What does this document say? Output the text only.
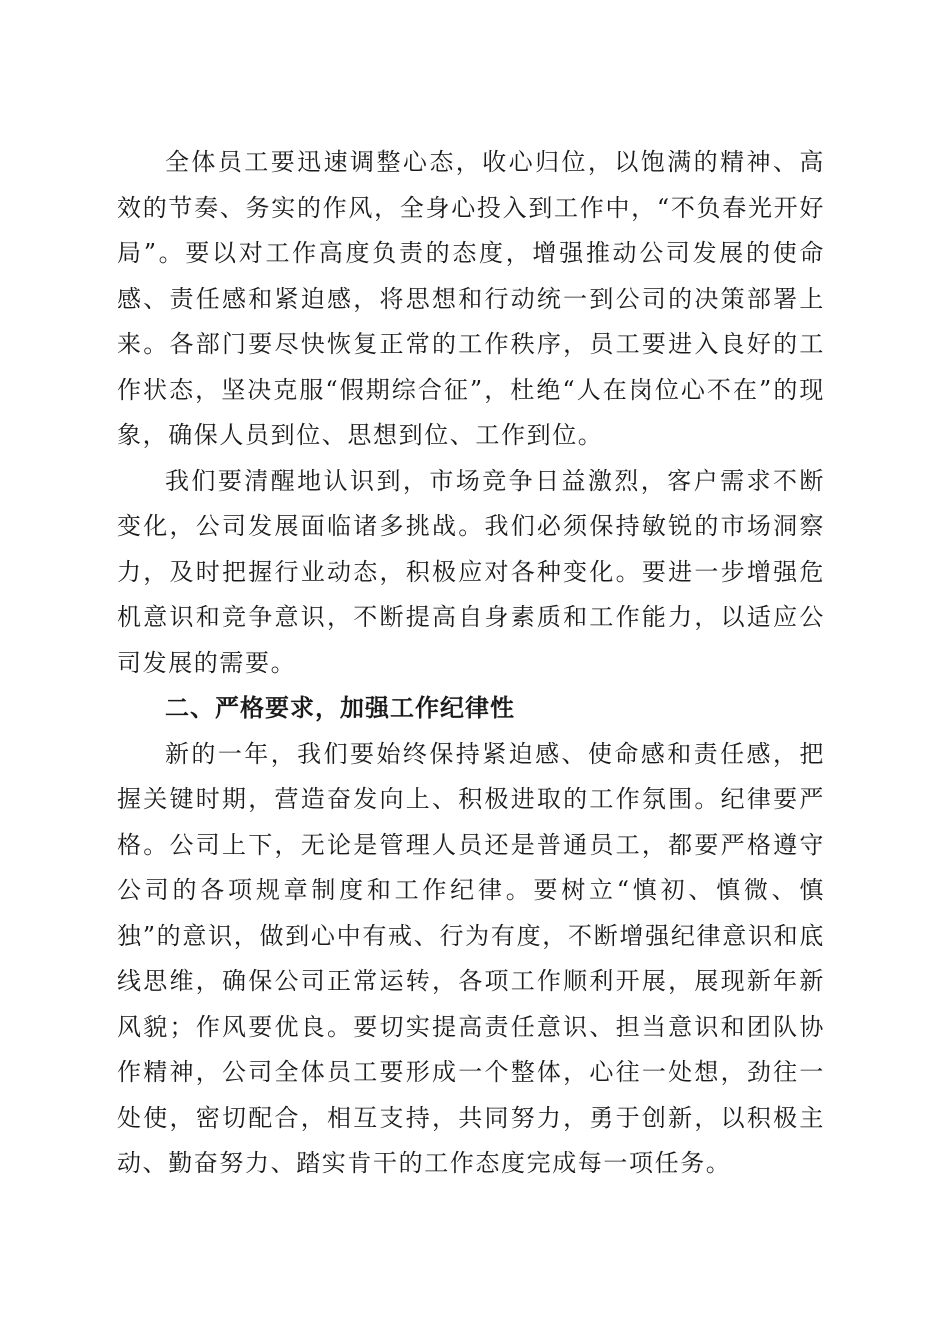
全体员工要迅速调整心态，收心归位，以饱满的精神、高效的节奏、务实的作风，全身心投入到工作中，“不负春光开好局”。要以对工作高度负责的态度，增强推动公司发展的使命感、责任感和紧迫感，将思想和行动统一到公司的决策部署上来。各部门要尽快恢复正常的工作秩序，员工要进入良好的工作状态，坚决克服“假期综合征”，杜绝“人在岗位心不在”的现象，确保人员到位、思想到位、工作到位。

我们要清醒地认识到，市场竞争日益激烈，客户需求不断变化，公司发展面临诸多挑战。我们必须保持敏锐的市场洞察力，及时把握行业动态，积极应对各种变化。要进一步增强危机意识和竞争意识，不断提高自身素质和工作能力，以适应公司发展的需要。

二、严格要求，加强工作纪律性

新的一年，我们要始终保持紧迫感、使命感和责任感，把握关键时期，营造奋发向上、积极进取的工作氛围。纪律要严格。公司上下，无论是管理人员还是普通员工，都要严格遵守公司的各项规章制度和工作纪律。要树立“慎初、慎微、慎独”的意识，做到心中有戒、行为有度，不断增强纪律意识和底线思维，确保公司正常运转，各项工作顺利开展，展现新年新风貌；作风要优良。要切实提高责任意识、担当意识和团队协作精神，公司全体员工要形成一个整体，心往一处想，劲往一处使，密切配合，相互支持，共同努力，勇于创新，以积极主动、勤奋努力、踏实肯干的工作态度完成每一项任务。
